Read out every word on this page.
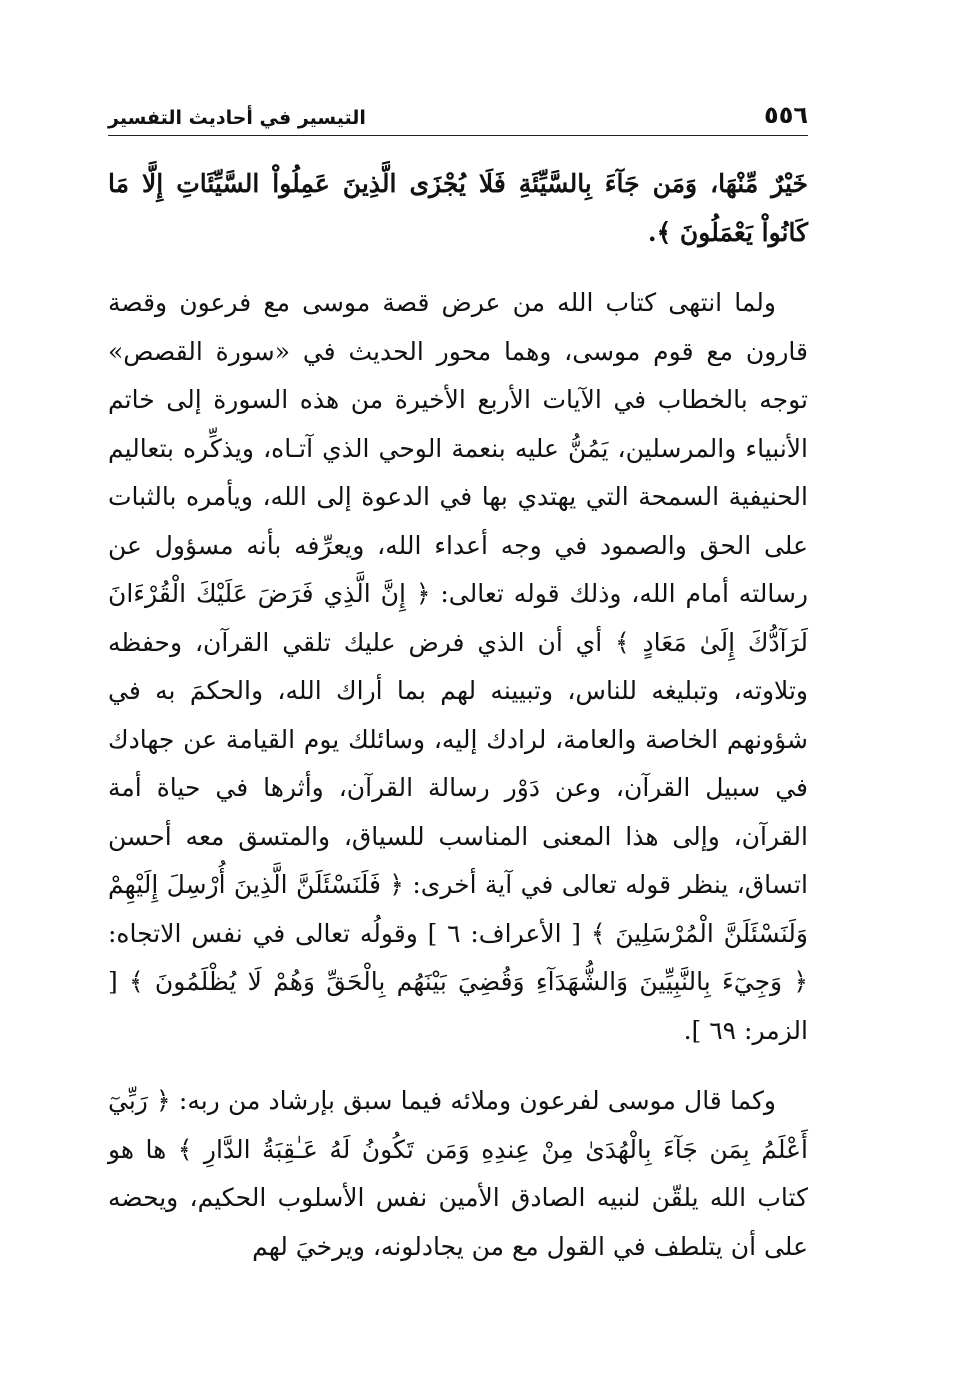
٥٥٦
التيسير في أحاديث التفسير

خَيْرٌ مِّنْهَا، وَمَن جَآءَ بِالسَّيِّئَةِ فَلَا يُجْزَى الَّذِينَ عَمِلُواْ السَّيِّئَاتِ إِلَّا مَا كَانُواْ يَعْمَلُونَ ﴾.

ولما انتهى كتاب الله من عرض قصة موسى مع فرعون وقصة قارون مع قوم موسى، وهما محور الحديث في «سورة القصص» توجه بالخطاب في الآيات الأربع الأخيرة من هذه السورة إلى خاتم الأنبياء والمرسلين، يَمُنُّ عليه بنعمة الوحي الذي آتـاه، ويذكِّره بتعاليم الحنيفية السمحة التي يهتدي بها في الدعوة إلى الله، ويأمره بالثبات على الحق والصمود في وجه أعداء الله، ويعرِّفه بأنه مسؤول عن رسالته أمام الله، وذلك قوله تعالى: ﴿ إِنَّ الَّذِي فَرَضَ عَلَيْكَ الْقُرْءَانَ لَرَآدُّكَ إِلَىٰ مَعَادٍ ﴾ أي أن الذي فرض عليك تلقي القرآن، وحفظه وتلاوته، وتبليغه للناس، وتبيينه لهم بما أراك الله، والحكمَ به في شؤونهم الخاصة والعامة، لرادك إليه، وسائلك يوم القيامة عن جهادك في سبيل القرآن، وعن دَوْر رسالة القرآن، وأثرها في حياة أمة القرآن، وإلى هذا المعنى المناسب للسياق، والمتسق معه أحسن اتساق، ينظر قوله تعالى في آية أخرى: ﴿ فَلَنَسْئَلَنَّ الَّذِينَ أُرْسِلَ إِلَيْهِمْ وَلَنَسْئَلَنَّ الْمُرْسَلِينَ ﴾ [ الأعراف: ٦ ] وقولُه تعالى في نفس الاتجاه: ﴿ وَجِيٓءَ بِالنَّبِيِّينَ وَالشُّهَدَآءِ وَقُضِيَ بَيْنَهُم بِالْحَقِّ وَهُمْ لَا يُظْلَمُونَ ﴾ [ الزمر: ٦٩ ].

وكما قال موسى لفرعون وملائه فيما سبق بإرشاد من ربه: ﴿ رَبِّيٓ أَعْلَمُ بِمَن جَآءَ بِالْهُدَىٰ مِنْ عِندِهِ وَمَن تَكُونُ لَهُ عَـٰقِبَةُ الدَّارِ ﴾ ها هو كتاب الله يلقّن لنبيه الصادق الأمين نفس الأسلوب الحكيم، ويحضه على أن يتلطف في القول مع من يجادلونه، ويرخيَ لهم
